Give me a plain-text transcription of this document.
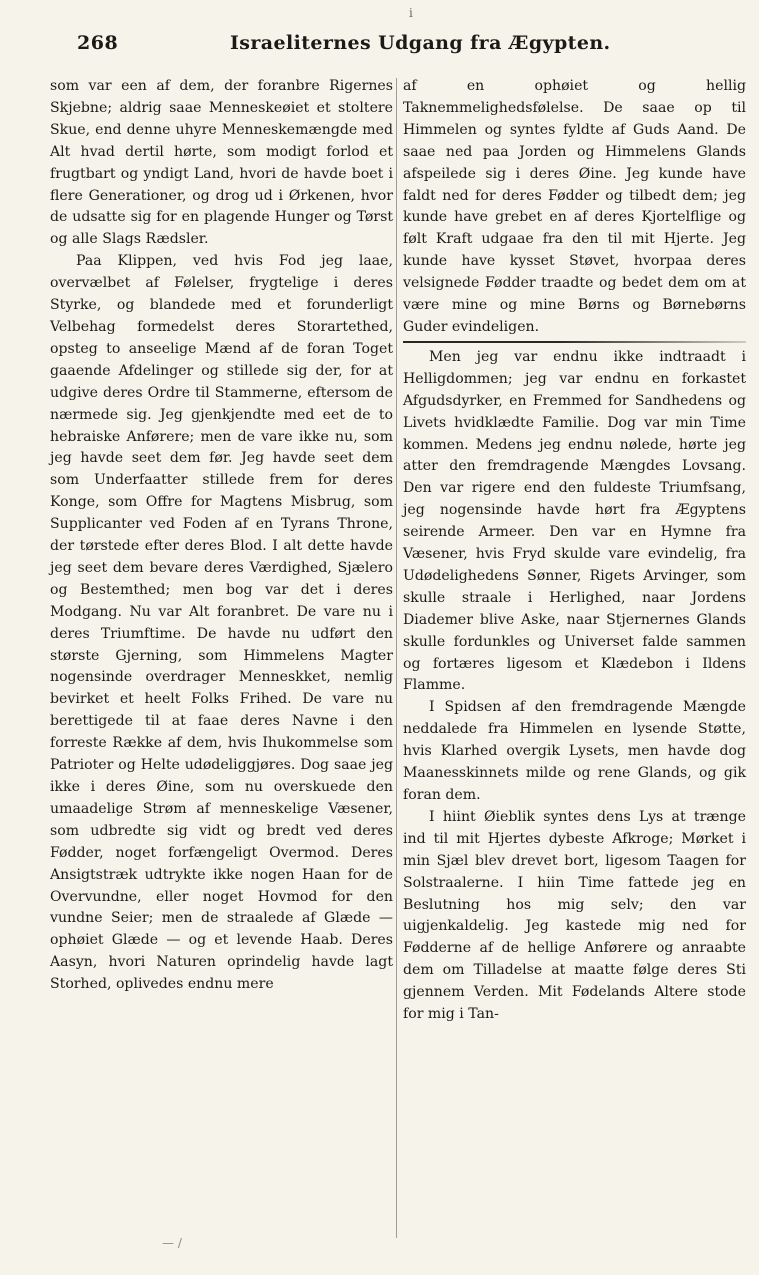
i
268	Israeliternes Udgang fra Ægypten.

som var een af dem, der foranbre Rigernes Skjebne; aldrig saae Menneskeøiet et stoltere Skue, end denne uhyre Menneskemængde med Alt hvad dertil hørte, som modigt forlod et frugtbart og yndigt Land, hvori de havde boet i flere Generationer, og drog ud i Ørkenen, hvor de udsatte sig for en plagende Hunger og Tørst og alle Slags Rædsler.

Paa Klippen, ved hvis Fod jeg laae, overvælbet af Følelser, frygtelige i deres Styrke, og blandede med et forunderligt Velbehag formedelst deres Storartethed, opsteg to anseelige Mænd af de foran Toget gaaende Afdelinger og stillede sig der, for at udgive deres Ordre til Stammerne, eftersom de nærmede sig. Jeg gjenkjendte med eet de to hebraiske Anførere; men de vare ikke nu, som jeg havde seet dem før. Jeg havde seet dem som Underfaatter stillede frem for deres Konge, som Offre for Magtens Misbrug, som Supplicanter ved Foden af en Tyrans Throne, der tørstede efter deres Blod. I alt dette havde jeg seet dem bevare deres Værdighed, Sjælero og Bestemthed; men bog var det i deres Modgang. Nu var Alt foranbret. De vare nu i deres Triumftime. De havde nu udført den største Gjerning, som Himmelens Magter nogensinde overdrager Menneskket, nemlig bevirket et heelt Folks Frihed. De vare nu berettigede til at faae deres Navne i den forreste Række af dem, hvis Ihukommelse som Patrioter og Helte udødeliggjøres. Dog saae jeg ikke i deres Øine, som nu overskuede den umaadelige Strøm af menneskelige Væsener, som udbredte sig vidt og bredt ved deres Fødder, noget forfængeligt Overmod. Deres Ansigtstræk udtrykte ikke nogen Haan for de Overvundne, eller noget Hovmod for den vundne Seier; men de straalede af Glæde — ophøiet Glæde — og et levende Haab. Deres Aasyn, hvori Naturen oprindelig havde lagt Storhed, oplivedes endnu mere

af en ophøiet og hellig Taknemmelighedsfølelse. De saae op til Himmelen og syntes fyldte af Guds Aand. De saae ned paa Jorden og Himmelens Glands afspeilede sig i deres Øine. Jeg kunde have faldt ned for deres Fødder og tilbedt dem; jeg kunde have grebet en af deres Kjortelflige og følt Kraft udgaae fra den til mit Hjerte. Jeg kunde have kysset Støvet, hvorpaa deres velsignede Fødder traadte og bedet dem om at være mine og mine Børns og Børnebørns Guder evindeligen.

Men jeg var endnu ikke indtraadt i Helligdommen; jeg var endnu en forkastet Afgudsdyrker, en Fremmed for Sandhedens og Livets hvidklædte Familie. Dog var min Time kommen. Medens jeg endnu nølede, hørte jeg atter den fremdragende Mængdes Lovsang. Den var rigere end den fuldeste Triumfsang, jeg nogensinde havde hørt fra Ægyptens seirende Armeer. Den var en Hymne fra Væsener, hvis Fryd skulde vare evindelig, fra Udødelighedens Sønner, Rigets Arvinger, som skulle straale i Herlighed, naar Jordens Diademer blive Aske, naar Stjernernes Glands skulle fordunkles og Universet falde sammen og fortæres ligesom et Klædebon i Ildens Flamme.

I Spidsen af den fremdragende Mængde neddalede fra Himmelen en lysende Støtte, hvis Klarhed overgik Lysets, men havde dog Maanesskinnets milde og rene Glands, og gik foran dem.

I hiint Øieblik syntes dens Lys at trænge ind til mit Hjertes dybeste Afkroge; Mørket i min Sjæl blev drevet bort, ligesom Taagen for Solstraalerne. I hiin Time fattede jeg en Beslutning hos mig selv; den var uigjenkaldelig. Jeg kastede mig ned for Fødderne af de hellige Anførere og anraabte dem om Tilladelse at maatte følge deres Sti gjennem Verden. Mit Fødelands Altere stode for mig i Tan-

— /
